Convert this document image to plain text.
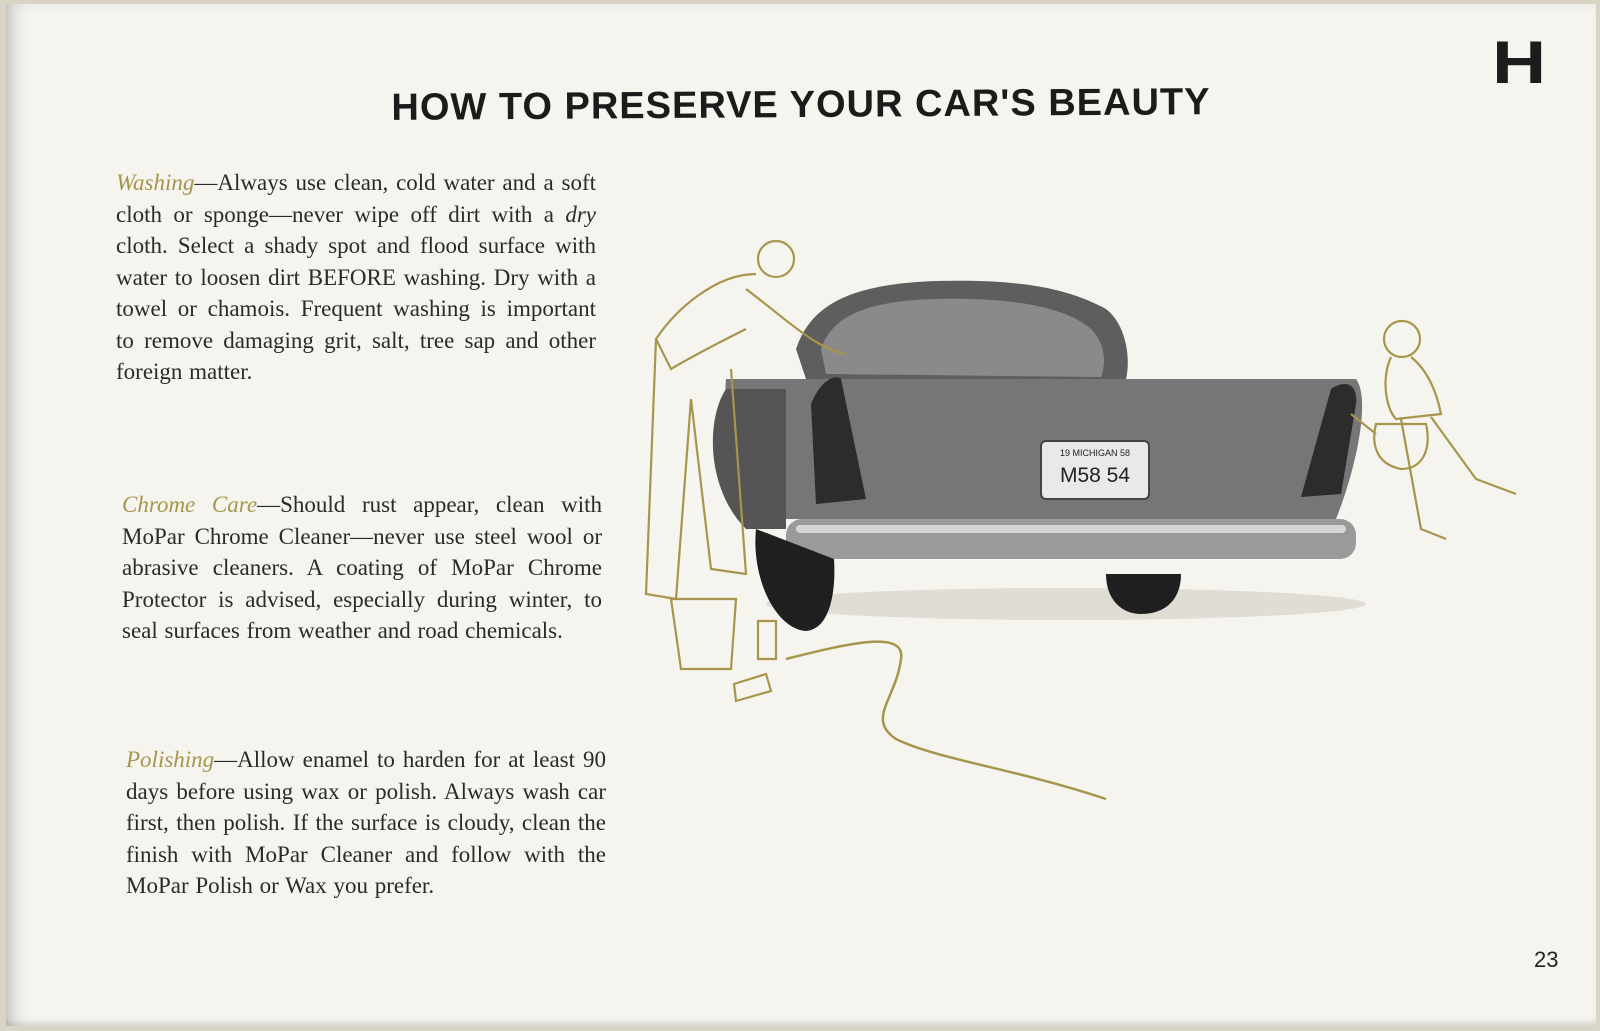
H
HOW TO PRESERVE YOUR CAR'S BEAUTY
Washing—Always use clean, cold water and a soft cloth or sponge—never wipe off dirt with a dry cloth. Select a shady spot and flood surface with water to loosen dirt BEFORE washing. Dry with a towel or chamois. Frequent washing is important to remove damaging grit, salt, tree sap and other foreign matter.
Chrome Care—Should rust appear, clean with MoPar Chrome Cleaner—never use steel wool or abrasive cleaners. A coating of MoPar Chrome Protector is advised, especially during winter, to seal surfaces from weather and road chemicals.
Polishing—Allow enamel to harden for at least 90 days before using wax or polish. Always wash car first, then polish. If the surface is cloudy, clean the finish with MoPar Cleaner and follow with the MoPar Polish or Wax you prefer.
19 MICHIGAN 58
M58 54
23
